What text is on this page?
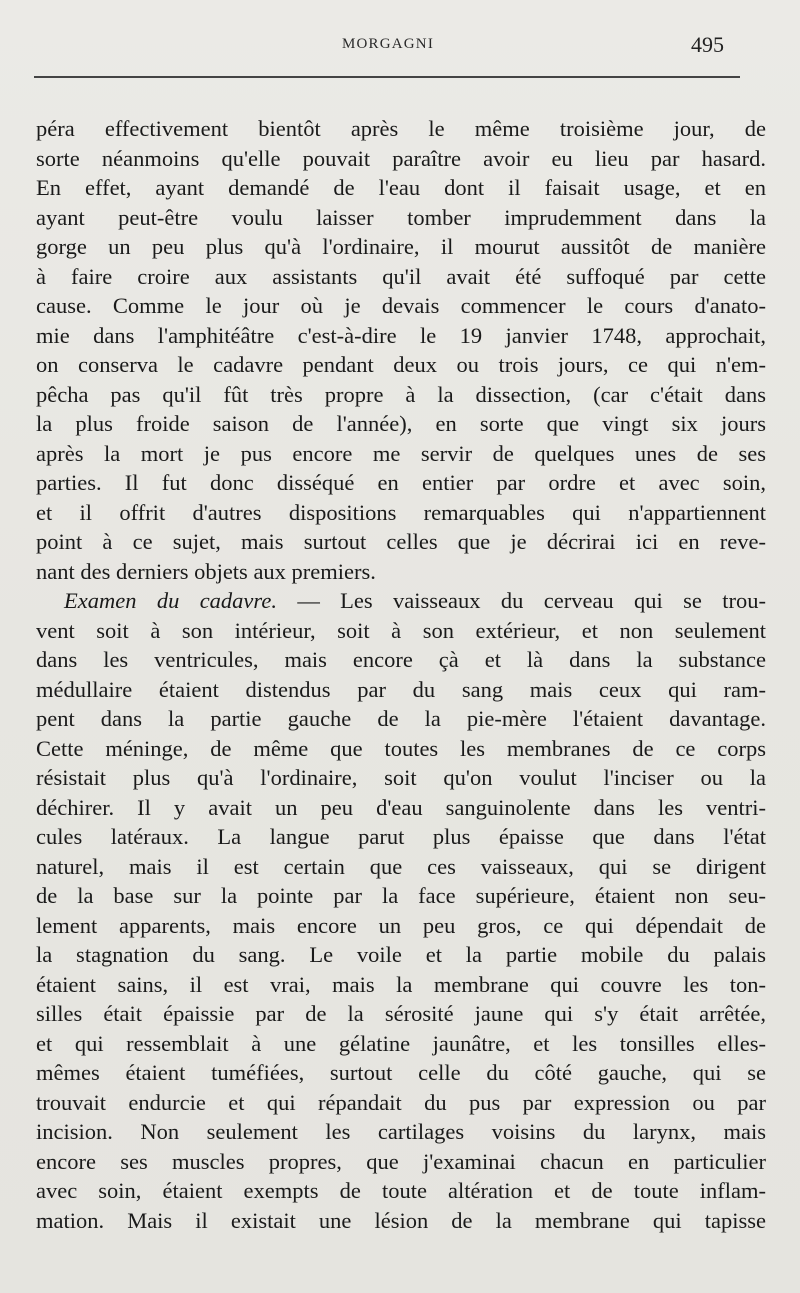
MORGAGNI	495
péra effectivement bientôt après le même troisième jour, de
sorte néanmoins qu'elle pouvait paraître avoir eu lieu par hasard.
En effet, ayant demandé de l'eau dont il faisait usage, et en
ayant peut-être voulu laisser tomber imprudemment dans la
gorge un peu plus qu'à l'ordinaire, il mourut aussitôt de manière
à faire croire aux assistants qu'il avait été suffoqué par cette
cause. Comme le jour où je devais commencer le cours d'anato-
mie dans l'amphitéâtre c'est-à-dire le 19 janvier 1748, approchait,
on conserva le cadavre pendant deux ou trois jours, ce qui n'em-
pêcha pas qu'il fût très propre à la dissection, (car c'était dans
la plus froide saison de l'année), en sorte que vingt six jours
après la mort je pus encore me servir de quelques unes de ses
parties. Il fut donc disséqué en entier par ordre et avec soin,
et il offrit d'autres dispositions remarquables qui n'appartiennent
point à ce sujet, mais surtout celles que je décrirai ici en reve-
nant des derniers objets aux premiers.
Examen du cadavre. — Les vaisseaux du cerveau qui se trou-
vent soit à son intérieur, soit à son extérieur, et non seulement
dans les ventricules, mais encore çà et là dans la substance
médullaire étaient distendus par du sang mais ceux qui ram-
pent dans la partie gauche de la pie-mère l'étaient davantage.
Cette méninge, de même que toutes les membranes de ce corps
résistait plus qu'à l'ordinaire, soit qu'on voulut l'inciser ou la
déchirer. Il y avait un peu d'eau sanguinolente dans les ventri-
cules latéraux. La langue parut plus épaisse que dans l'état
naturel, mais il est certain que ces vaisseaux, qui se dirigent
de la base sur la pointe par la face supérieure, étaient non seu-
lement apparents, mais encore un peu gros, ce qui dépendait de
la stagnation du sang. Le voile et la partie mobile du palais
étaient sains, il est vrai, mais la membrane qui couvre les ton-
silles était épaissie par de la sérosité jaune qui s'y était arrêtée,
et qui ressemblait à une gélatine jaunâtre, et les tonsilles elles-
mêmes étaient tuméfiées, surtout celle du côté gauche, qui se
trouvait endurcie et qui répandait du pus par expression ou par
incision. Non seulement les cartilages voisins du larynx, mais
encore ses muscles propres, que j'examinai chacun en particulier
avec soin, étaient exempts de toute altération et de toute inflam-
mation. Mais il existait une lésion de la membrane qui tapisse
